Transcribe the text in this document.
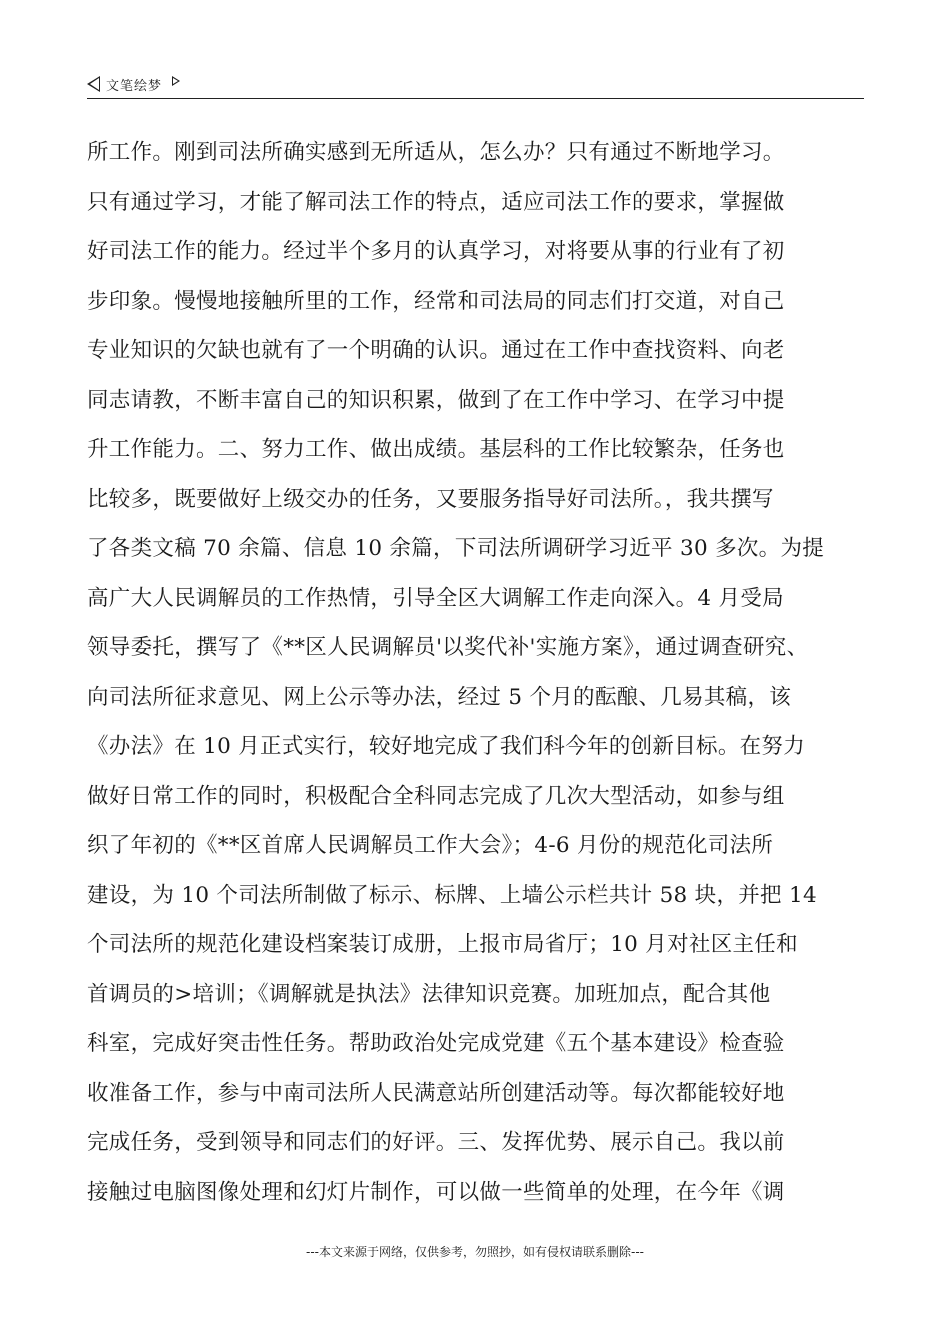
文笔绘梦
所工作。刚到司法所确实感到无所适从，怎么办？只有通过不断地学习。
只有通过学习，才能了解司法工作的特点，适应司法工作的要求，掌握做
好司法工作的能力。经过半个多月的认真学习，对将要从事的行业有了初
步印象。慢慢地接触所里的工作，经常和司法局的同志们打交道，对自己
专业知识的欠缺也就有了一个明确的认识。通过在工作中查找资料、向老
同志请教，不断丰富自己的知识积累，做到了在工作中学习、在学习中提
升工作能力。二、努力工作、做出成绩。基层科的工作比较繁杂，任务也
比较多，既要做好上级交办的任务，又要服务指导好司法所。，我共撰写
了各类文稿 70 余篇、信息 10 余篇，下司法所调研学习近平 30 多次。为提
高广大人民调解员的工作热情，引导全区大调解工作走向深入。4 月受局
领导委托，撰写了《**区人民调解员'以奖代补'实施方案》，通过调查研究、
向司法所征求意见、网上公示等办法，经过 5 个月的酝酿、几易其稿，该
《办法》在 10 月正式实行，较好地完成了我们科今年的创新目标。在努力
做好日常工作的同时，积极配合全科同志完成了几次大型活动，如参与组
织了年初的《**区首席人民调解员工作大会》；4-6 月份的规范化司法所
建设，为 10 个司法所制做了标示、标牌、上墙公示栏共计 58 块，并把 14
个司法所的规范化建设档案装订成册，上报市局省厅；10 月对社区主任和
首调员的>培训；《调解就是执法》法律知识竞赛。加班加点，配合其他
科室，完成好突击性任务。帮助政治处完成党建《五个基本建设》检查验
收准备工作，参与中南司法所人民满意站所创建活动等。每次都能较好地
完成任务，受到领导和同志们的好评。三、发挥优势、展示自己。我以前
接触过电脑图像处理和幻灯片制作，可以做一些简单的处理，在今年《调
---本文来源于网络，仅供参考，勿照抄，如有侵权请联系删除---
